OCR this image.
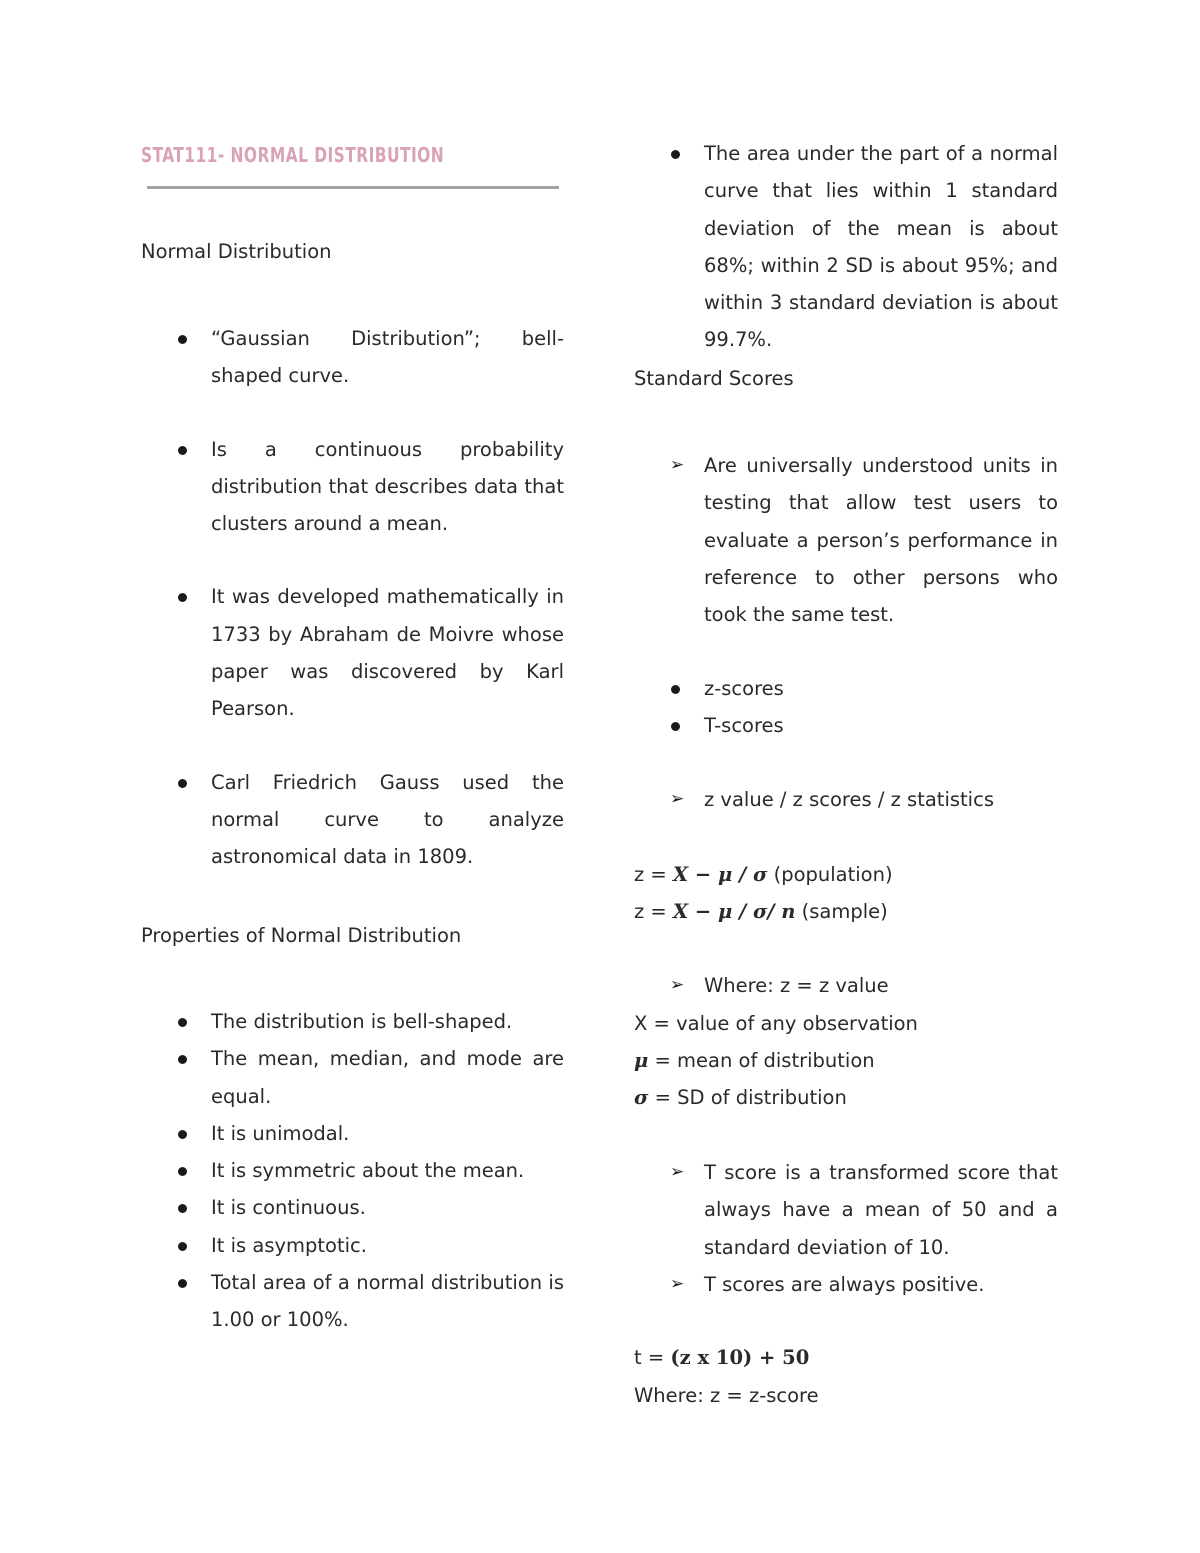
STAT111- NORMAL DISTRIBUTION

Normal Distribution

“Gaussian Distribution”; bell-shaped curve.
Is a continuous probability distribution that describes data that clusters around a mean.
It was developed mathematically in 1733 by Abraham de Moivre whose paper was discovered by Karl Pearson.
Carl Friedrich Gauss used the normal curve to analyze astronomical data in 1809.

Properties of Normal Distribution

The distribution is bell-shaped.
The mean, median, and mode are equal.
It is unimodal.
It is symmetric about the mean.
It is continuous.
It is asymptotic.
Total area of a normal distribution is 1.00 or 100%.
The area under the part of a normal curve that lies within 1 standard deviation of the mean is about 68%; within 2 SD is about 95%; and within 3 standard deviation is about 99.7%.

Standard Scores

➢ Are universally understood units in testing that allow test users to evaluate a person’s performance in reference to other persons who took the same test.
z-scores
T-scores
➢ z value / z scores / z statistics

z = X − μ / σ (population)

z = X − μ / σ/ n (sample)

➢ Where: z = z value

X = value of any observation

μ = mean of distribution

σ = SD of distribution

➢ T score is a transformed score that always have a mean of 50 and a standard deviation of 10.
➢ T scores are always positive.

t = (z x 10) + 50

Where: z = z-score
